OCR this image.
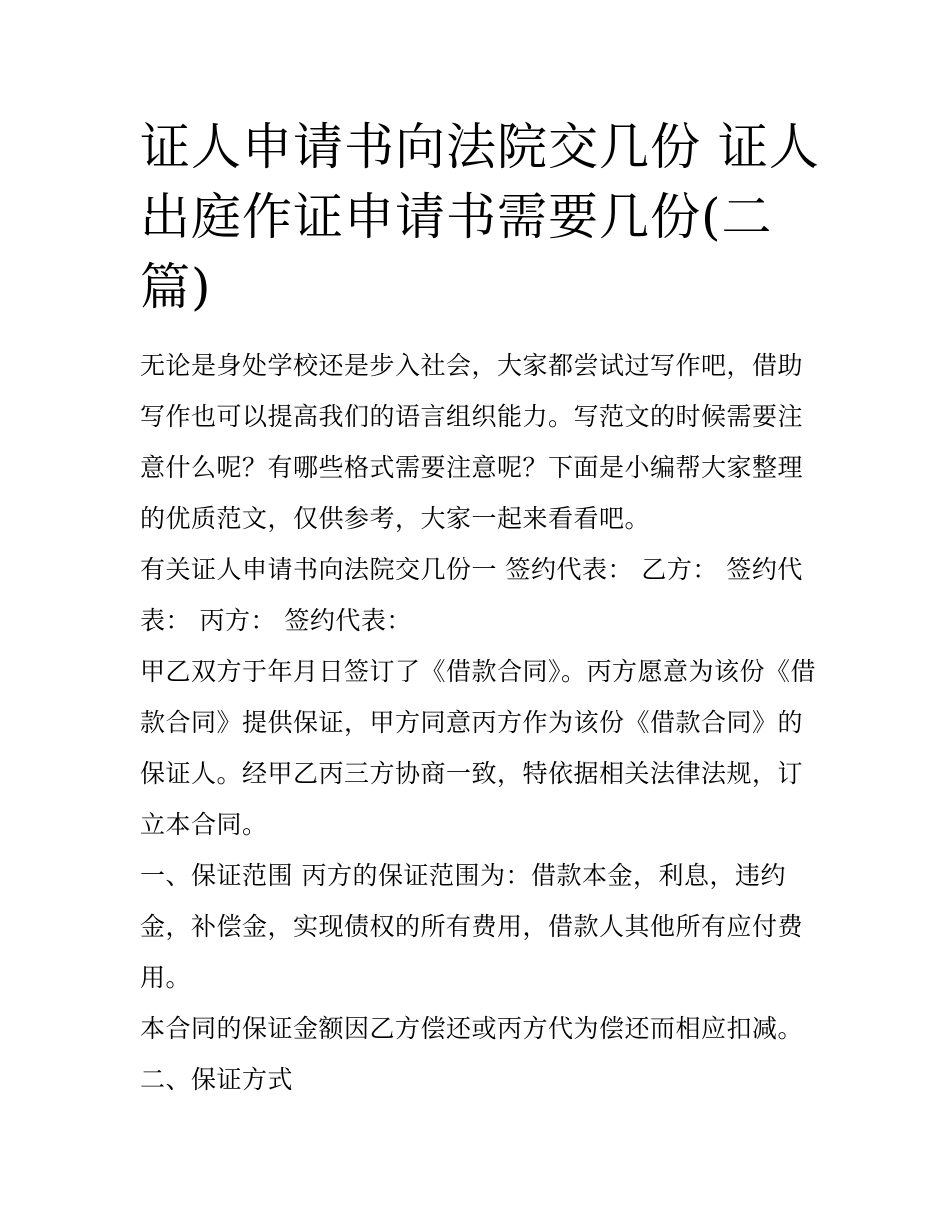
证人申请书向法院交几份 证人出庭作证申请书需要几份(二篇)

无论是身处学校还是步入社会，大家都尝试过写作吧，借助写作也可以提高我们的语言组织能力。写范文的时候需要注意什么呢？有哪些格式需要注意呢？下面是小编帮大家整理的优质范文，仅供参考，大家一起来看看吧。

有关证人申请书向法院交几份一 签约代表： 乙方： 签约代表： 丙方： 签约代表：

甲乙双方于年月日签订了《借款合同》。丙方愿意为该份《借款合同》提供保证，甲方同意丙方作为该份《借款合同》的保证人。经甲乙丙三方协商一致，特依据相关法律法规，订立本合同。

一、保证范围 丙方的保证范围为：借款本金，利息，违约金，补偿金，实现债权的所有费用，借款人其他所有应付费用。

本合同的保证金额因乙方偿还或丙方代为偿还而相应扣减。

二、保证方式
